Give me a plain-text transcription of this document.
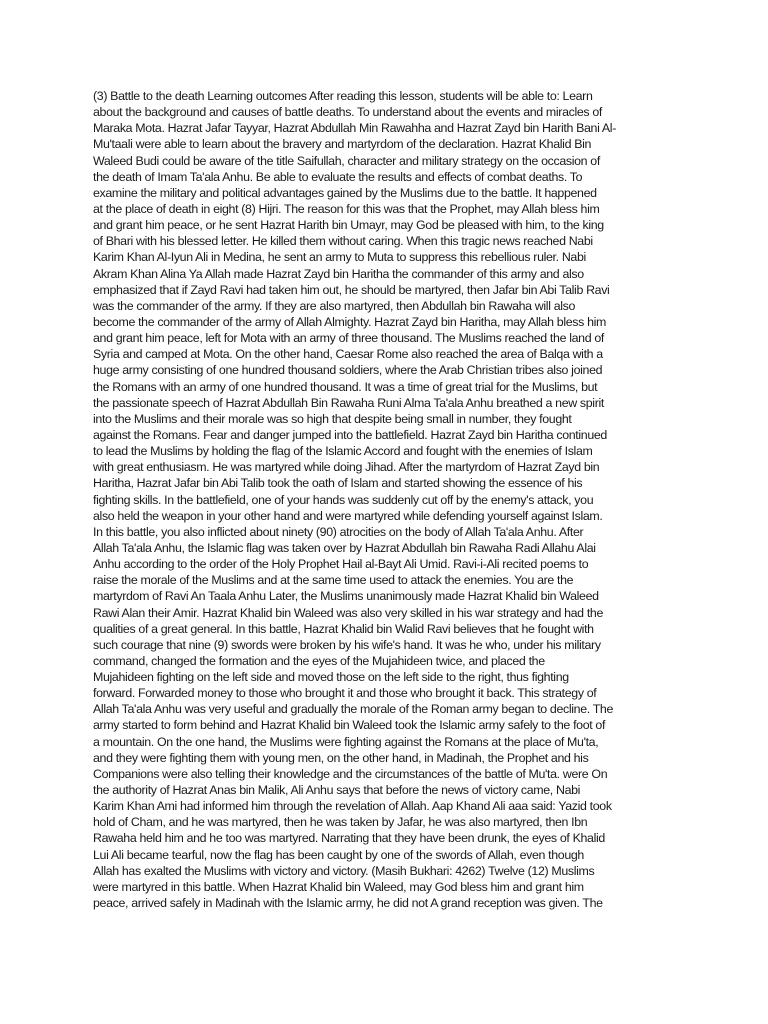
(3) Battle to the death Learning outcomes After reading this lesson, students will be able to: Learn
about the background and causes of battle deaths. To understand about the events and miracles of
Maraka Mota. Hazrat Jafar Tayyar, Hazrat Abdullah Min Rawahha and Hazrat Zayd bin Harith Bani Al-
Mu'taali were able to learn about the bravery and martyrdom of the declaration. Hazrat Khalid Bin
Waleed Budi could be aware of the title Saifullah, character and military strategy on the occasion of
the death of Imam Ta'ala Anhu. Be able to evaluate the results and effects of combat deaths. To
examine the military and political advantages gained by the Muslims due to the battle. It happened
at the place of death in eight (8) Hijri. The reason for this was that the Prophet, may Allah bless him
and grant him peace, or he sent Hazrat Harith bin Umayr, may God be pleased with him, to the king
of Bhari with his blessed letter. He killed them without caring. When this tragic news reached Nabi
Karim Khan Al-Iyun Ali in Medina, he sent an army to Muta to suppress this rebellious ruler. Nabi
Akram Khan Alina Ya Allah made Hazrat Zayd bin Haritha the commander of this army and also
emphasized that if Zayd Ravi had taken him out, he should be martyred, then Jafar bin Abi Talib Ravi
was the commander of the army. If they are also martyred, then Abdullah bin Rawaha will also
become the commander of the army of Allah Almighty. Hazrat Zayd bin Haritha, may Allah bless him
and grant him peace, left for Mota with an army of three thousand. The Muslims reached the land of
Syria and camped at Mota. On the other hand, Caesar Rome also reached the area of Balqa with a
huge army consisting of one hundred thousand soldiers, where the Arab Christian tribes also joined
the Romans with an army of one hundred thousand. It was a time of great trial for the Muslims, but
the passionate speech of Hazrat Abdullah Bin Rawaha Runi Alma Ta'ala Anhu breathed a new spirit
into the Muslims and their morale was so high that despite being small in number, they fought
against the Romans. Fear and danger jumped into the battlefield. Hazrat Zayd bin Haritha continued
to lead the Muslims by holding the flag of the Islamic Accord and fought with the enemies of Islam
with great enthusiasm. He was martyred while doing Jihad. After the martyrdom of Hazrat Zayd bin
Haritha, Hazrat Jafar bin Abi Talib took the oath of Islam and started showing the essence of his
fighting skills. In the battlefield, one of your hands was suddenly cut off by the enemy's attack, you
also held the weapon in your other hand and were martyred while defending yourself against Islam.
In this battle, you also inflicted about ninety (90) atrocities on the body of Allah Ta'ala Anhu. After
Allah Ta'ala Anhu, the Islamic flag was taken over by Hazrat Abdullah bin Rawaha Radi Allahu Alai
Anhu according to the order of the Holy Prophet Hail al-Bayt Ali Umid. Ravi-i-Ali recited poems to
raise the morale of the Muslims and at the same time used to attack the enemies. You are the
martyrdom of Ravi An Taala Anhu Later, the Muslims unanimously made Hazrat Khalid bin Waleed
Rawi Alan their Amir. Hazrat Khalid bin Waleed was also very skilled in his war strategy and had the
qualities of a great general. In this battle, Hazrat Khalid bin Walid Ravi believes that he fought with
such courage that nine (9) swords were broken by his wife's hand. It was he who, under his military
command, changed the formation and the eyes of the Mujahideen twice, and placed the
Mujahideen fighting on the left side and moved those on the left side to the right, thus fighting
forward. Forwarded money to those who brought it and those who brought it back. This strategy of
Allah Ta'ala Anhu was very useful and gradually the morale of the Roman army began to decline. The
army started to form behind and Hazrat Khalid bin Waleed took the Islamic army safely to the foot of
a mountain. On the one hand, the Muslims were fighting against the Romans at the place of Mu'ta,
and they were fighting them with young men, on the other hand, in Madinah, the Prophet and his
Companions were also telling their knowledge and the circumstances of the battle of Mu'ta. were On
the authority of Hazrat Anas bin Malik, Ali Anhu says that before the news of victory came, Nabi
Karim Khan Ami had informed him through the revelation of Allah. Aap Khand Ali aaa said: Yazid took
hold of Cham, and he was martyred, then he was taken by Jafar, he was also martyred, then Ibn
Rawaha held him and he too was martyred. Narrating that they have been drunk, the eyes of Khalid
Lui Ali became tearful, now the flag has been caught by one of the swords of Allah, even though
Allah has exalted the Muslims with victory and victory. (Masih Bukhari: 4262) Twelve (12) Muslims
were martyred in this battle. When Hazrat Khalid bin Waleed, may God bless him and grant him
peace, arrived safely in Madinah with the Islamic army, he did not A grand reception was given. The
